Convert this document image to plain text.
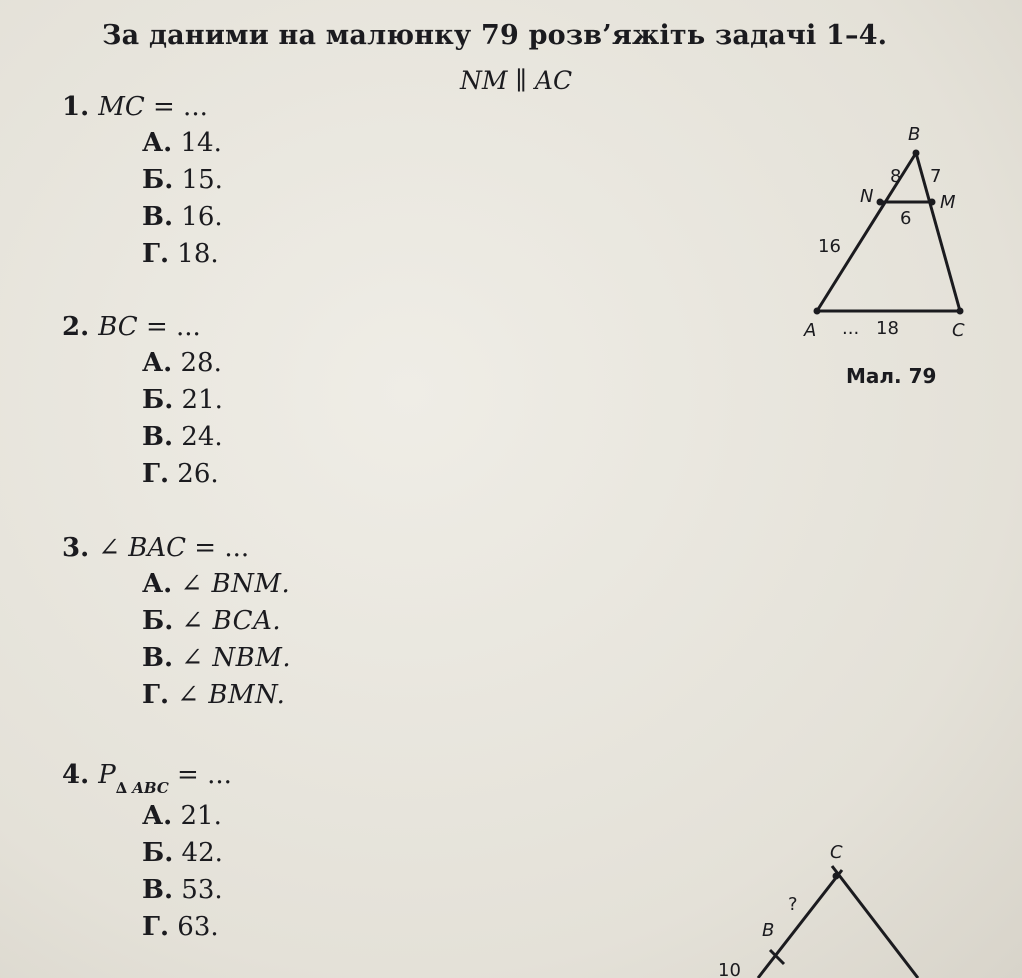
За даними на малюнку 79 розв’яжіть задачі 1–4.
NM ∥ AC
1. MC = ...
А. 14.
Б. 15.
В. 16.
Г. 18.
2. BC = ...
А. 28.
Б. 21.
В. 24.
Г. 26.
3. ∠ BAC = ...
А. ∠ BNM.
Б. ∠ BCA.
В. ∠ NBM.
Г. ∠ BMN.
4. $P_{\Delta ABC}$ = ...
А. 21.
Б. 42.
В. 53.
Г. 63.
B
N	M
A	C
8 7
6
16
... 18
Мал. 79
C
?
B
10
